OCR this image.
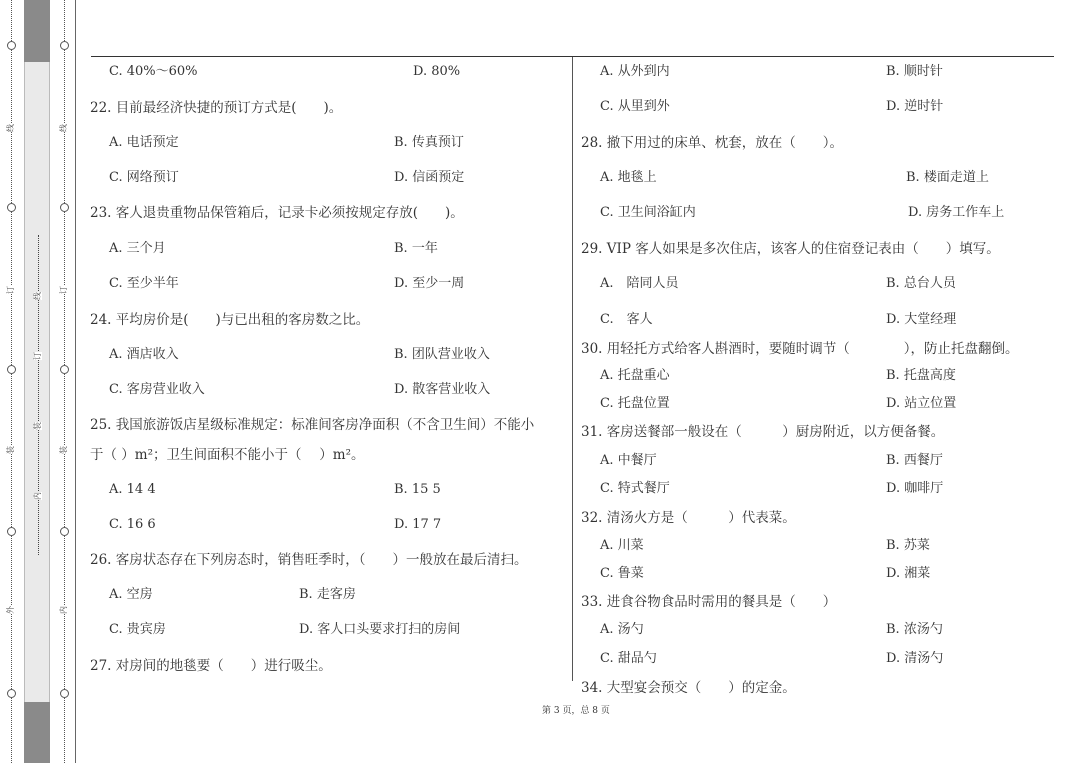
线
订
装
内
线
订
装
外
线
订
装
内
C. 40%～60%	D. 80%
22. 目前最经济快捷的预订方式是(　　)。
A. 电话预定	B. 传真预订
C. 网络预订	D. 信函预定
23. 客人退贵重物品保管箱后，记录卡必须按规定存放(　　)。
A. 三个月	B. 一年
C. 至少半年	D. 至少一周
24. 平均房价是(　　)与已出租的客房数之比。
A. 酒店收入	B. 团队营业收入
C. 客房营业收入	D. 散客营业收入
25. 我国旅游饭店星级标准规定：标准间客房净面积（不含卫生间）不能小
于（ ）m²；卫生间面积不能小于（　 ）m²。
A. 14 4	B. 15 5
C. 16 6	D. 17 7
26. 客房状态存在下列房态时，销售旺季时，（　　）一般放在最后清扫。
A. 空房	B. 走客房
C. 贵宾房	D. 客人口头要求打扫的房间
27. 对房间的地毯要（　　）进行吸尘。
A. 从外到内	B. 顺时针
C. 从里到外	D. 逆时针
28. 撤下用过的床单、枕套，放在（　　）。
A. 地毯上	B. 楼面走道上
C. 卫生间浴缸内	D. 房务工作车上
29. VIP 客人如果是多次住店，该客人的住宿登记表由（　　）填写。
A.　陪同人员	B. 总台人员
C.　客人	D. 大堂经理
30. 用轻托方式给客人斟酒时，要随时调节（　　　　），防止托盘翻倒。
A. 托盘重心	B. 托盘高度
C. 托盘位置	D. 站立位置
31. 客房送餐部一般设在（　　　）厨房附近，以方便备餐。
A. 中餐厅	B. 西餐厅
C. 特式餐厅	D. 咖啡厅
32. 清汤火方是（　　　）代表菜。
A. 川菜	B. 苏菜
C. 鲁菜	D. 湘菜
33. 进食谷物食品时需用的餐具是（　　）
A. 汤勺	B. 浓汤勺
C. 甜品勺	D. 清汤勺
34. 大型宴会预交（　　）的定金。
第 3 页，总 8 页
